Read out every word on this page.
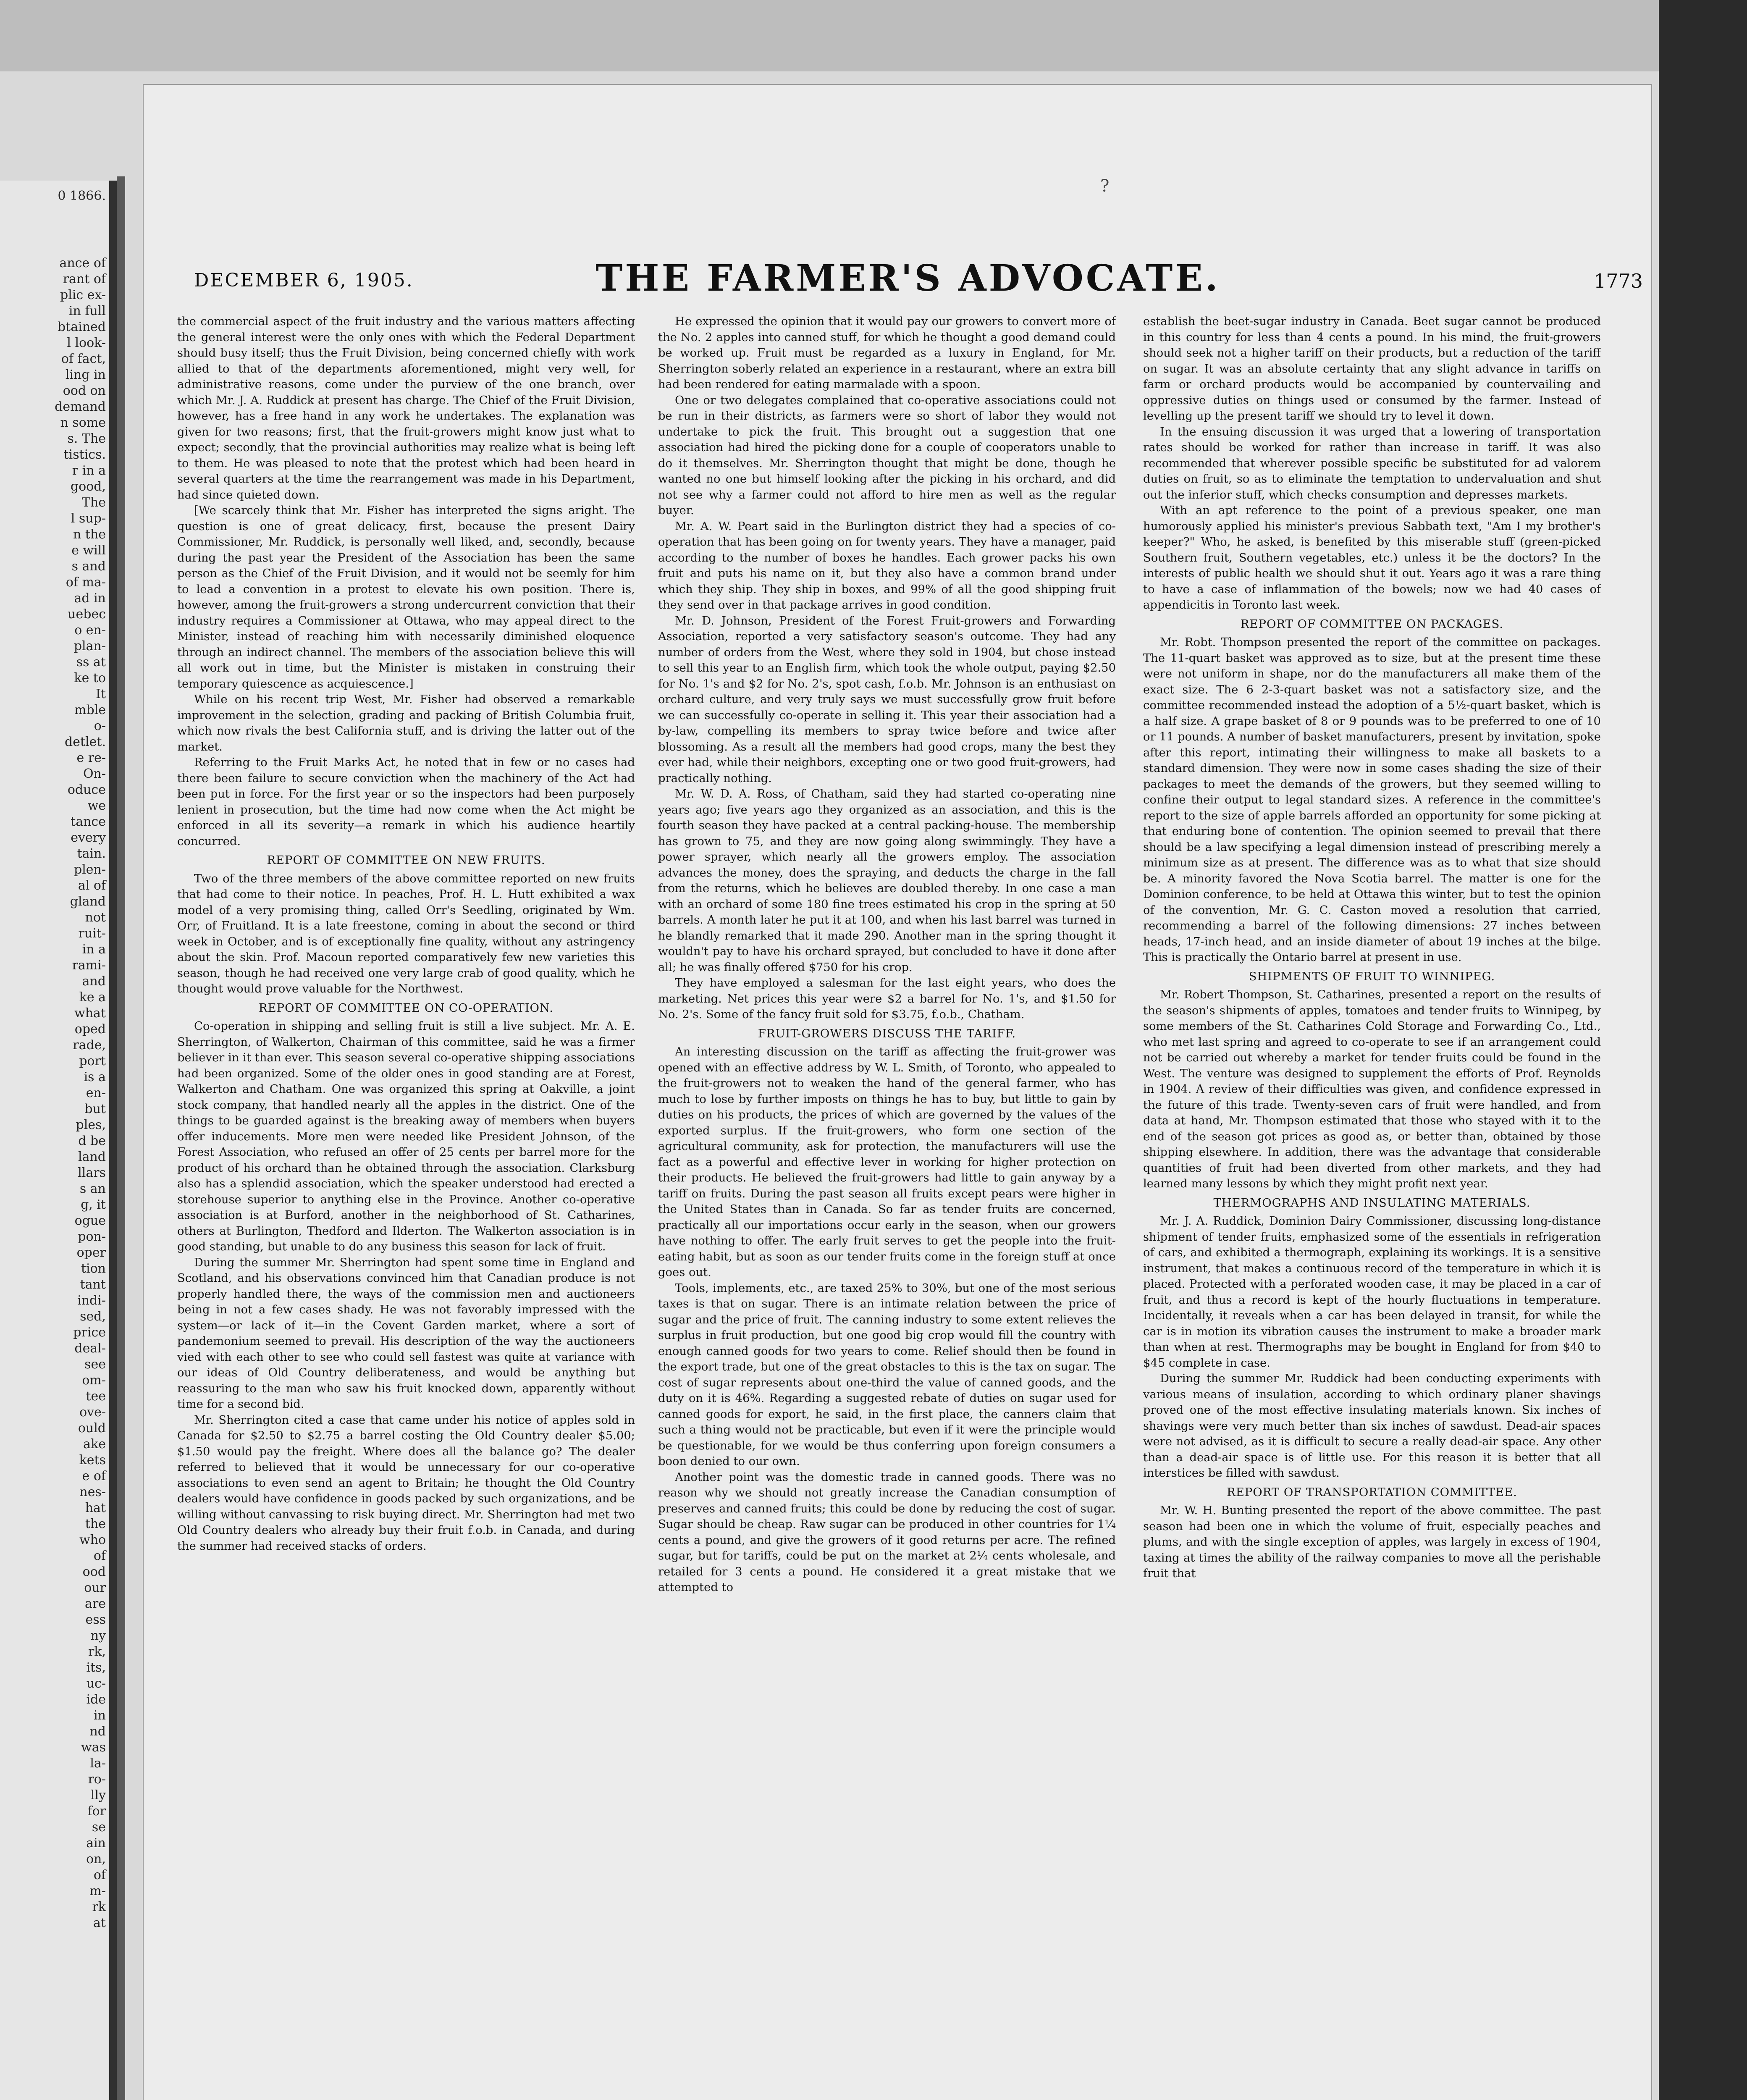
0 1866.
ance of
rant of
plic ex-
in full
btained
l look-
of fact,
ling in
ood on
demand
n some
s. The
tistics.
r in a
good,
The
l sup-
n the
e will
s and
of ma-
ad in
uebec
o en-
plan-
ss at
ke to
It
mble
o-
detlet.
e re-
On-
oduce
we
tance
every
tain.
plen-
al of
gland
not
ruit-
in a
rami-
and
ke a
what
oped
rade,
port
is a
en-
but
ples,
d be
land
llars
s an
g, it
ogue
pon-
oper
tion
tant
indi-
sed,
price
deal-
see
om-
tee
ove-
ould
ake
kets
e of
nes-
hat
the
who
of
ood
our
are
ess
ny
rk,
its,
uc-
ide
in
nd
was
la-
ro-
lly
for
se
ain
on,
of
m-
rk
at
DECEMBER 6, 1905.	THE FARMER'S ADVOCATE.	1773

the commercial aspect of the fruit industry and the various matters affecting the general interest were the only ones with which the Federal Department should busy itself; thus the Fruit Division, being concerned chiefly with work allied to that of the departments aforementioned, might very well, for administrative reasons, come under the purview of the one branch, over which Mr. J. A. Ruddick at present has charge. The Chief of the Fruit Division, however, has a free hand in any work he undertakes. The explanation was given for two reasons; first, that the fruit-growers might know just what to expect; secondly, that the provincial authorities may realize what is being left to them. He was pleased to note that the protest which had been heard in several quarters at the time the rearrangement was made in his Department, had since quieted down.

[We scarcely think that Mr. Fisher has interpreted the signs aright. The question is one of great delicacy, first, because the present Dairy Commissioner, Mr. Ruddick, is personally well liked, and, secondly, because during the past year the President of the Association has been the same person as the Chief of the Fruit Division, and it would not be seemly for him to lead a convention in a protest to elevate his own position. There is, however, among the fruit-growers a strong undercurrent conviction that their industry requires a Commissioner at Ottawa, who may appeal direct to the Minister, instead of reaching him with necessarily diminished eloquence through an indirect channel. The members of the association believe this will all work out in time, but the Minister is mistaken in construing their temporary quiescence as acquiescence.]

While on his recent trip West, Mr. Fisher had observed a remarkable improvement in the selection, grading and packing of British Columbia fruit, which now rivals the best California stuff, and is driving the latter out of the market.

Referring to the Fruit Marks Act, he noted that in few or no cases had there been failure to secure conviction when the machinery of the Act had been put in force. For the first year or so the inspectors had been purposely lenient in prosecution, but the time had now come when the Act might be enforced in all its severity—a remark in which his audience heartily concurred.

REPORT OF COMMITTEE ON NEW FRUITS.

Two of the three members of the above committee reported on new fruits that had come to their notice. In peaches, Prof. H. L. Hutt exhibited a wax model of a very promising thing, called Orr's Seedling, originated by Wm. Orr, of Fruitland. It is a late freestone, coming in about the second or third week in October, and is of exceptionally fine quality, without any astringency about the skin. Prof. Macoun reported comparatively few new varieties this season, though he had received one very large crab of good quality, which he thought would prove valuable for the Northwest.

REPORT OF COMMITTEE ON CO-OPERATION.

Co-operation in shipping and selling fruit is still a live subject. Mr. A. E. Sherrington, of Walkerton, Chairman of this committee, said he was a firmer believer in it than ever. This season several co-operative shipping associations had been organized. Some of the older ones in good standing are at Forest, Walkerton and Chatham. One was organized this spring at Oakville, a joint stock company, that handled nearly all the apples in the district. One of the things to be guarded against is the breaking away of members when buyers offer inducements. More men were needed like President Johnson, of the Forest Association, who refused an offer of 25 cents per barrel more for the product of his orchard than he obtained through the association. Clarksburg also has a splendid association, which the speaker understood had erected a storehouse superior to anything else in the Province. Another co-operative association is at Burford, another in the neighborhood of St. Catharines, others at Burlington, Thedford and Ilderton. The Walkerton association is in good standing, but unable to do any business this season for lack of fruit.

During the summer Mr. Sherrington had spent some time in England and Scotland, and his observations convinced him that Canadian produce is not properly handled there, the ways of the commission men and auctioneers being in not a few cases shady. He was not favorably impressed with the system—or lack of it—in the Covent Garden market, where a sort of pandemonium seemed to prevail. His description of the way the auctioneers vied with each other to see who could sell fastest was quite at variance with our ideas of Old Country deliberateness, and would be anything but reassuring to the man who saw his fruit knocked down, apparently without time for a second bid.

Mr. Sherrington cited a case that came under his notice of apples sold in Canada for $2.50 to $2.75 a barrel costing the Old Country dealer $5.00; $1.50 would pay the freight. Where does all the balance go? The dealer referred to believed that it would be unnecessary for our co-operative associations to even send an agent to Britain; he thought the Old Country dealers would have confidence in goods packed by such organizations, and be willing without canvassing to risk buying direct. Mr. Sherrington had met two Old Country dealers who already buy their fruit f.o.b. in Canada, and during the summer had received stacks of orders.

He expressed the opinion that it would pay our growers to convert more of the No. 2 apples into canned stuff, for which he thought a good demand could be worked up. Fruit must be regarded as a luxury in England, for Mr. Sherrington soberly related an experience in a restaurant, where an extra bill had been rendered for eating marmalade with a spoon.

One or two delegates complained that co-operative associations could not be run in their districts, as farmers were so short of labor they would not undertake to pick the fruit. This brought out a suggestion that one association had hired the picking done for a couple of cooperators unable to do it themselves. Mr. Sherrington thought that might be done, though he wanted no one but himself looking after the picking in his orchard, and did not see why a farmer could not afford to hire men as well as the regular buyer.

Mr. A. W. Peart said in the Burlington district they had a species of co-operation that has been going on for twenty years. They have a manager, paid according to the number of boxes he handles. Each grower packs his own fruit and puts his name on it, but they also have a common brand under which they ship. They ship in boxes, and 99% of all the good shipping fruit they send over in that package arrives in good condition.

Mr. D. Johnson, President of the Forest Fruit-growers and Forwarding Association, reported a very satisfactory season's outcome. They had any number of orders from the West, where they sold in 1904, but chose instead to sell this year to an English firm, which took the whole output, paying $2.50 for No. 1's and $2 for No. 2's, spot cash, f.o.b. Mr. Johnson is an enthusiast on orchard culture, and very truly says we must successfully grow fruit before we can successfully co-operate in selling it. This year their association had a by-law, compelling its members to spray twice before and twice after blossoming. As a result all the members had good crops, many the best they ever had, while their neighbors, excepting one or two good fruit-growers, had practically nothing.

Mr. W. D. A. Ross, of Chatham, said they had started co-operating nine years ago; five years ago they organized as an association, and this is the fourth season they have packed at a central packing-house. The membership has grown to 75, and they are now going along swimmingly. They have a power sprayer, which nearly all the growers employ. The association advances the money, does the spraying, and deducts the charge in the fall from the returns, which he believes are doubled thereby. In one case a man with an orchard of some 180 fine trees estimated his crop in the spring at 50 barrels. A month later he put it at 100, and when his last barrel was turned in he blandly remarked that it made 290. Another man in the spring thought it wouldn't pay to have his orchard sprayed, but concluded to have it done after all; he was finally offered $750 for his crop.

They have employed a salesman for the last eight years, who does the marketing. Net prices this year were $2 a barrel for No. 1's, and $1.50 for No. 2's. Some of the fancy fruit sold for $3.75, f.o.b., Chatham.

FRUIT-GROWERS DISCUSS THE TARIFF.

An interesting discussion on the tariff as affecting the fruit-grower was opened with an effective address by W. L. Smith, of Toronto, who appealed to the fruit-growers not to weaken the hand of the general farmer, who has much to lose by further imposts on things he has to buy, but little to gain by duties on his products, the prices of which are governed by the values of the exported surplus. If the fruit-growers, who form one section of the agricultural community, ask for protection, the manufacturers will use the fact as a powerful and effective lever in working for higher protection on their products. He believed the fruit-growers had little to gain anyway by a tariff on fruits. During the past season all fruits except pears were higher in the United States than in Canada. So far as tender fruits are concerned, practically all our importations occur early in the season, when our growers have nothing to offer. The early fruit serves to get the people into the fruit-eating habit, but as soon as our tender fruits come in the foreign stuff at once goes out.

Tools, implements, etc., are taxed 25% to 30%, but one of the most serious taxes is that on sugar. There is an intimate relation between the price of sugar and the price of fruit. The canning industry to some extent relieves the surplus in fruit production, but one good big crop would fill the country with enough canned goods for two years to come. Relief should then be found in the export trade, but one of the great obstacles to this is the tax on sugar. The cost of sugar represents about one-third the value of canned goods, and the duty on it is 46%. Regarding a suggested rebate of duties on sugar used for canned goods for export, he said, in the first place, the canners claim that such a thing would not be practicable, but even if it were the principle would be questionable, for we would be thus conferring upon foreign consumers a boon denied to our own.

Another point was the domestic trade in canned goods. There was no reason why we should not greatly increase the Canadian consumption of preserves and canned fruits; this could be done by reducing the cost of sugar. Sugar should be cheap. Raw sugar can be produced in other countries for 1¼ cents a pound, and give the growers of it good returns per acre. The refined sugar, but for tariffs, could be put on the market at 2¼ cents wholesale, and retailed for 3 cents a pound. He considered it a great mistake that we attempted to

establish the beet-sugar industry in Canada. Beet sugar cannot be produced in this country for less than 4 cents a pound. In his mind, the fruit-growers should seek not a higher tariff on their products, but a reduction of the tariff on sugar. It was an absolute certainty that any slight advance in tariffs on farm or orchard products would be accompanied by countervailing and oppressive duties on things used or consumed by the farmer. Instead of levelling up the present tariff we should try to level it down.

In the ensuing discussion it was urged that a lowering of transportation rates should be worked for rather than increase in tariff. It was also recommended that wherever possible specific be substituted for ad valorem duties on fruit, so as to eliminate the temptation to undervaluation and shut out the inferior stuff, which checks consumption and depresses markets.

With an apt reference to the point of a previous speaker, one man humorously applied his minister's previous Sabbath text, "Am I my brother's keeper?" Who, he asked, is benefited by this miserable stuff (green-picked Southern fruit, Southern vegetables, etc.) unless it be the doctors? In the interests of public health we should shut it out. Years ago it was a rare thing to have a case of inflammation of the bowels; now we had 40 cases of appendicitis in Toronto last week.

REPORT OF COMMITTEE ON PACKAGES.

Mr. Robt. Thompson presented the report of the committee on packages. The 11-quart basket was approved as to size, but at the present time these were not uniform in shape, nor do the manufacturers all make them of the exact size. The 6 2-3-quart basket was not a satisfactory size, and the committee recommended instead the adoption of a 5½-quart basket, which is a half size. A grape basket of 8 or 9 pounds was to be preferred to one of 10 or 11 pounds. A number of basket manufacturers, present by invitation, spoke after this report, intimating their willingness to make all baskets to a standard dimension. They were now in some cases shading the size of their packages to meet the demands of the growers, but they seemed willing to confine their output to legal standard sizes. A reference in the committee's report to the size of apple barrels afforded an opportunity for some picking at that enduring bone of contention. The opinion seemed to prevail that there should be a law specifying a legal dimension instead of prescribing merely a minimum size as at present. The difference was as to what that size should be. A minority favored the Nova Scotia barrel. The matter is one for the Dominion conference, to be held at Ottawa this winter, but to test the opinion of the convention, Mr. G. C. Caston moved a resolution that carried, recommending a barrel of the following dimensions: 27 inches between heads, 17-inch head, and an inside diameter of about 19 inches at the bilge. This is practically the Ontario barrel at present in use.

SHIPMENTS OF FRUIT TO WINNIPEG.

Mr. Robert Thompson, St. Catharines, presented a report on the results of the season's shipments of apples, tomatoes and tender fruits to Winnipeg, by some members of the St. Catharines Cold Storage and Forwarding Co., Ltd., who met last spring and agreed to co-operate to see if an arrangement could not be carried out whereby a market for tender fruits could be found in the West. The venture was designed to supplement the efforts of Prof. Reynolds in 1904. A review of their difficulties was given, and confidence expressed in the future of this trade. Twenty-seven cars of fruit were handled, and from data at hand, Mr. Thompson estimated that those who stayed with it to the end of the season got prices as good as, or better than, obtained by those shipping elsewhere. In addition, there was the advantage that considerable quantities of fruit had been diverted from other markets, and they had learned many lessons by which they might profit next year.

THERMOGRAPHS AND INSULATING MATERIALS.

Mr. J. A. Ruddick, Dominion Dairy Commissioner, discussing long-distance shipment of tender fruits, emphasized some of the essentials in refrigeration of cars, and exhibited a thermograph, explaining its workings. It is a sensitive instrument, that makes a continuous record of the temperature in which it is placed. Protected with a perforated wooden case, it may be placed in a car of fruit, and thus a record is kept of the hourly fluctuations in temperature. Incidentally, it reveals when a car has been delayed in transit, for while the car is in motion its vibration causes the instrument to make a broader mark than when at rest. Thermographs may be bought in England for from $40 to $45 complete in case.

During the summer Mr. Ruddick had been conducting experiments with various means of insulation, according to which ordinary planer shavings proved one of the most effective insulating materials known. Six inches of shavings were very much better than six inches of sawdust. Dead-air spaces were not advised, as it is difficult to secure a really dead-air space. Any other than a dead-air space is of little use. For this reason it is better that all interstices be filled with sawdust.

REPORT OF TRANSPORTATION COMMITTEE.

Mr. W. H. Bunting presented the report of the above committee. The past season had been one in which the volume of fruit, especially peaches and plums, and with the single exception of apples, was largely in excess of 1904, taxing at times the ability of the railway companies to move all the perishable fruit that

?
